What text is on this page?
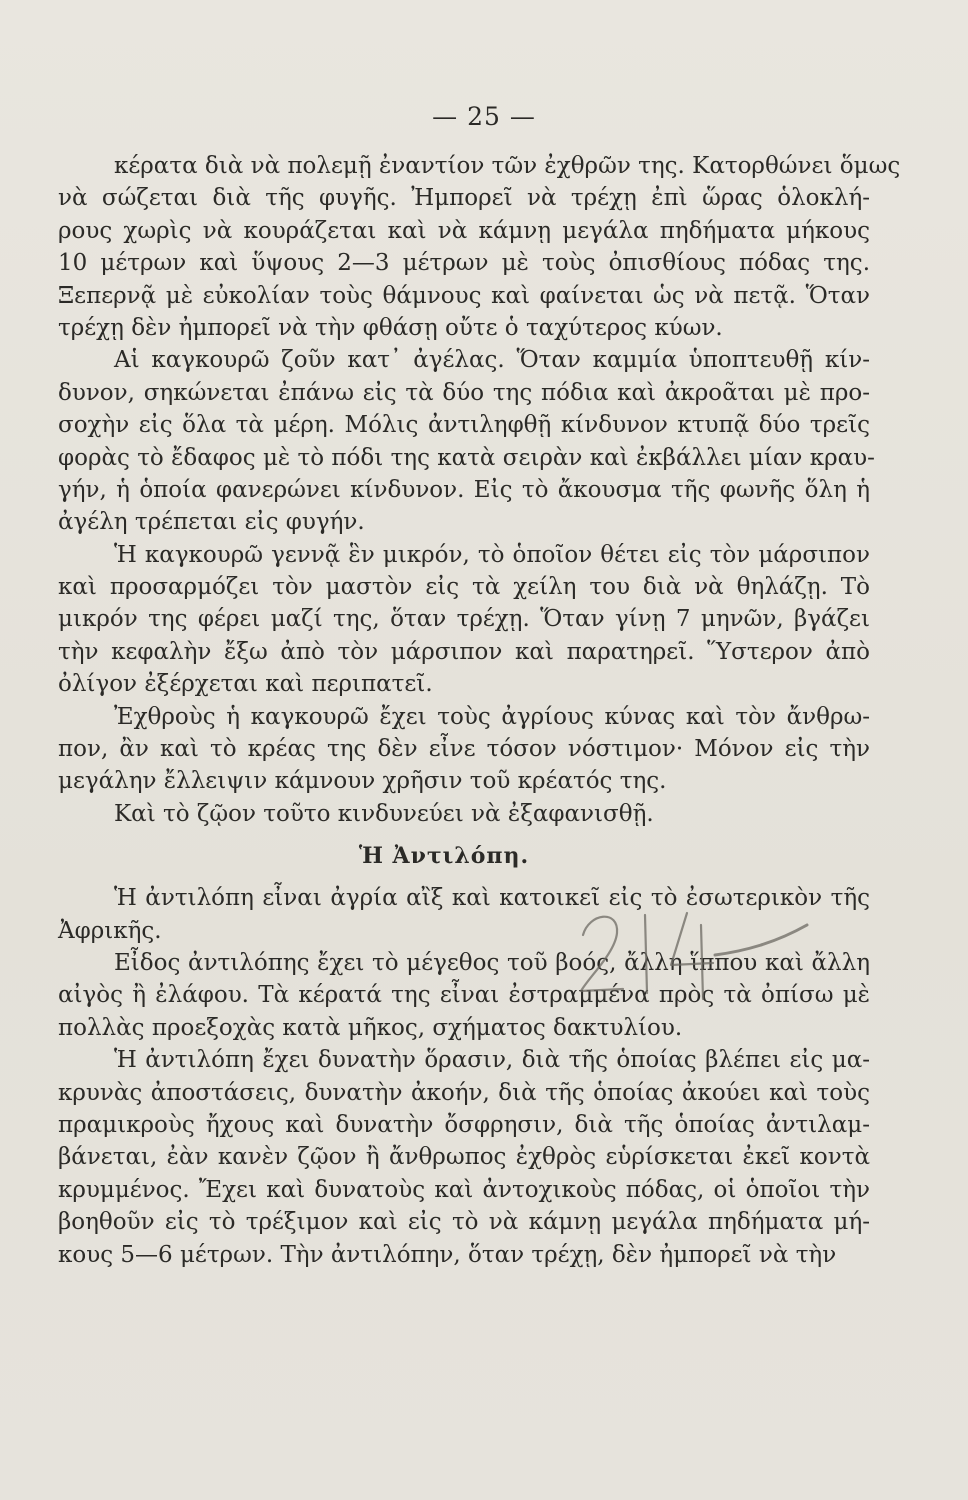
— 25 —
κέρατα διὰ νὰ πολεμῇ ἐναντίον τῶν ἐχθρῶν της. Κατορθώνει ὅμως
νὰ σώζεται διὰ τῆς φυγῆς. Ἠμπορεῖ νὰ τρέχῃ ἐπὶ ὥρας ὁλοκλή-
ρους χωρὶς νὰ κουράζεται καὶ νὰ κάμνῃ μεγάλα πηδήματα μήκους
10 μέτρων καὶ ὕψους 2—3 μέτρων μὲ τοὺς ὀπισθίους πόδας της.
Ξεπερνᾷ μὲ εὐκολίαν τοὺς θάμνους καὶ φαίνεται ὡς νὰ πετᾷ. Ὅταν
τρέχῃ δὲν ἠμπορεῖ νὰ τὴν φθάσῃ οὔτε ὁ ταχύτερος κύων.
Αἱ καγκουρῶ ζοῦν κατ᾽ ἀγέλας. Ὅταν καμμία ὑποπτευθῇ κίν-
δυνον, σηκώνεται ἐπάνω εἰς τὰ δύο της πόδια καὶ ἀκροᾶται μὲ προ-
σοχὴν εἰς ὅλα τὰ μέρη. Μόλις ἀντιληφθῇ κίνδυνον κτυπᾷ δύο τρεῖς
φορὰς τὸ ἔδαφος μὲ τὸ πόδι της κατὰ σειρὰν καὶ ἐκβάλλει μίαν κραυ-
γήν, ἡ ὁποία φανερώνει κίνδυνον. Εἰς τὸ ἄκουσμα τῆς φωνῆς ὅλη ἡ
ἀγέλη τρέπεται εἰς φυγήν.
Ἡ καγκουρῶ γεννᾷ ἓν μικρόν, τὸ ὁποῖον θέτει εἰς τὸν μάρσιπον
καὶ προσαρμόζει τὸν μαστὸν εἰς τὰ χείλη του διὰ νὰ θηλάζῃ. Τὸ
μικρόν της φέρει μαζί της, ὅταν τρέχῃ. Ὅταν γίνῃ 7 μηνῶν, βγάζει
τὴν κεφαλὴν ἔξω ἀπὸ τὸν μάρσιπον καὶ παρατηρεῖ. Ὕστερον ἀπὸ
ὀλίγον ἐξέρχεται καὶ περιπατεῖ.
Ἐχθροὺς ἡ καγκουρῶ ἔχει τοὺς ἀγρίους κύνας καὶ τὸν ἄνθρω-
πον, ἂν καὶ τὸ κρέας της δὲν εἶνε τόσον νόστιμον· Μόνον εἰς τὴν
μεγάλην ἔλλειψιν κάμνουν χρῆσιν τοῦ κρέατός της.
Καὶ τὸ ζῷον τοῦτο κινδυνεύει νὰ ἐξαφανισθῇ.
Ἡ Ἀντιλόπη.
Ἡ ἀντιλόπη εἶναι ἀγρία αἲξ καὶ κατοικεῖ εἰς τὸ ἐσωτερικὸν τῆς
Ἀφρικῆς.
Εἶδος ἀντιλόπης ἔχει τὸ μέγεθος τοῦ βοός, ἄλλη ἵππου καὶ ἄλλη
αἰγὸς ἢ ἐλάφου. Τὰ κέρατά της εἶναι ἐστραμμένα πρὸς τὰ ὀπίσω μὲ
πολλὰς προεξοχὰς κατὰ μῆκος, σχήματος δακτυλίου.
Ἡ ἀντιλόπη ἔχει δυνατὴν ὅρασιν, διὰ τῆς ὁποίας βλέπει εἰς μα-
κρυνὰς ἀποστάσεις, δυνατὴν ἀκοήν, διὰ τῆς ὁποίας ἀκούει καὶ τοὺς
πραμικροὺς ἤχους καὶ δυνατὴν ὄσφρησιν, διὰ τῆς ὁποίας ἀντιλαμ-
βάνεται, ἐὰν κανὲν ζῷον ἢ ἄνθρωπος ἐχθρὸς εὑρίσκεται ἐκεῖ κοντὰ
κρυμμένος. Ἔχει καὶ δυνατοὺς καὶ ἀντοχικοὺς πόδας, οἱ ὁποῖοι τὴν
βοηθοῦν εἰς τὸ τρέξιμον καὶ εἰς τὸ νὰ κάμνῃ μεγάλα πηδήματα μή-
κους 5—6 μέτρων. Τὴν ἀντιλόπην, ὅταν τρέχῃ, δὲν ἠμπορεῖ νὰ τὴν
